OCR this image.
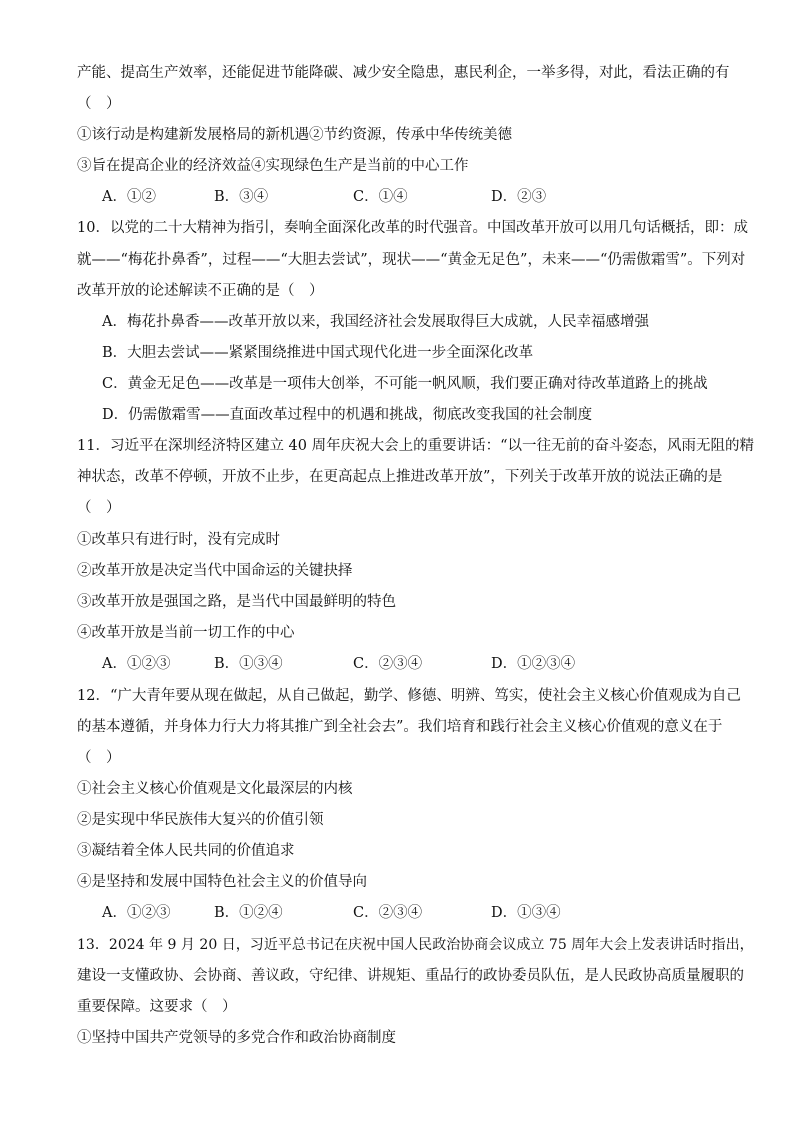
产能、提高生产效率，还能促进节能降碳、减少安全隐患，惠民利企，一举多得，对此，看法正确的有
（　）
①该行动是构建新发展格局的新机遇②节约资源，传承中华传统美德
③旨在提高企业的经济效益④实现绿色生产是当前的中心工作
A．①②	B．③④	C．①④	D．②③
10．以党的二十大精神为指引，奏响全面深化改革的时代强音。中国改革开放可以用几句话概括，即：成
就——“梅花扑鼻香”，过程——“大胆去尝试”，现状——“黄金无足色”，未来——“仍需傲霜雪”。下列对
改革开放的论述解读不正确的是（　）
A．梅花扑鼻香——改革开放以来，我国经济社会发展取得巨大成就，人民幸福感增强
B．大胆去尝试——紧紧围绕推进中国式现代化进一步全面深化改革
C．黄金无足色——改革是一项伟大创举，不可能一帆风顺，我们要正确对待改革道路上的挑战
D．仍需傲霜雪——直面改革过程中的机遇和挑战，彻底改变我国的社会制度
11．习近平在深圳经济特区建立 40 周年庆祝大会上的重要讲话：“以一往无前的奋斗姿态，风雨无阻的精
神状态，改革不停顿，开放不止步，在更高起点上推进改革开放”，下列关于改革开放的说法正确的是
（　）
①改革只有进行时，没有完成时
②改革开放是决定当代中国命运的关键抉择
③改革开放是强国之路，是当代中国最鲜明的特色
④改革开放是当前一切工作的中心
A．①②③	B．①③④	C．②③④	D．①②③④
12．“广大青年要从现在做起，从自己做起，勤学、修德、明辨、笃实，使社会主义核心价值观成为自己
的基本遵循，并身体力行大力将其推广到全社会去”。我们培育和践行社会主义核心价值观的意义在于
（　）
①社会主义核心价值观是文化最深层的内核
②是实现中华民族伟大复兴的价值引领
③凝结着全体人民共同的价值追求
④是坚持和发展中国特色社会主义的价值导向
A．①②③	B．①②④	C．②③④	D．①③④
13．2024 年 9 月 20 日，习近平总书记在庆祝中国人民政治协商会议成立 75 周年大会上发表讲话时指出，
建设一支懂政协、会协商、善议政，守纪律、讲规矩、重品行的政协委员队伍，是人民政协高质量履职的
重要保障。这要求（　）
①坚持中国共产党领导的多党合作和政治协商制度
